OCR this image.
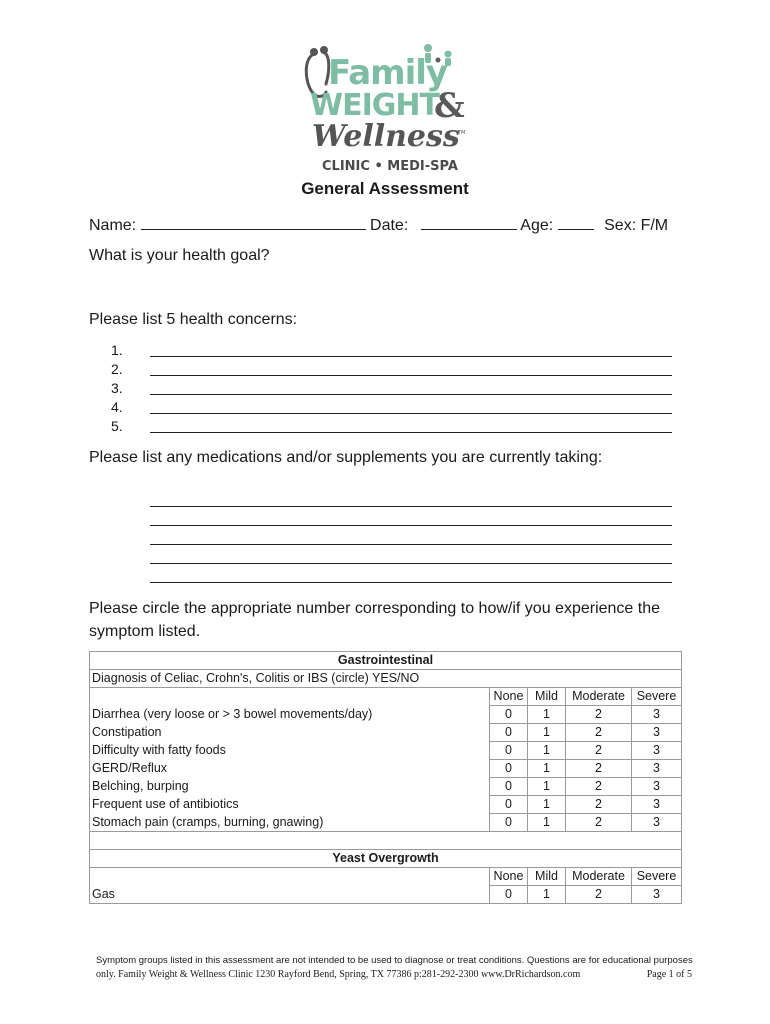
Family
WEIGHT
&
Wellness
TM
CLINIC • MEDI-SPA
General Assessment
Name:	Date:	Age:	Sex: F/M
What is your health goal?
Please list 5 health concerns:
1.
2.
3.
4.
5.
Please list any medications and/or supplements you are currently taking:
Please circle the appropriate number corresponding to how/if you experience the symptom listed.
Gastrointestinal				
Diagnosis of Celiac, Crohn's, Colitis or IBS (circle) YES/NO				
	None	Mild	Moderate	Severe
Diarrhea (very loose or > 3 bowel movements/day)	0	1	2	3
Constipation	0	1	2	3
Difficulty with fatty foods	0	1	2	3
GERD/Reflux	0	1	2	3
Belching, burping	0	1	2	3
Frequent use of antibiotics	0	1	2	3
Stomach pain (cramps, burning, gnawing)	0	1	2	3

Yeast Overgrowth				
	None	Mild	Moderate	Severe
Gas	0	1	2	3
Symptom groups listed in this assessment are not intended to be used to diagnose or treat conditions. Questions are for educational purposes
only. Family Weight & Wellness Clinic 1230 Rayford Bend, Spring, TX 77386 p:281-292-2300 www.DrRichardson.com	Page 1 of 5
